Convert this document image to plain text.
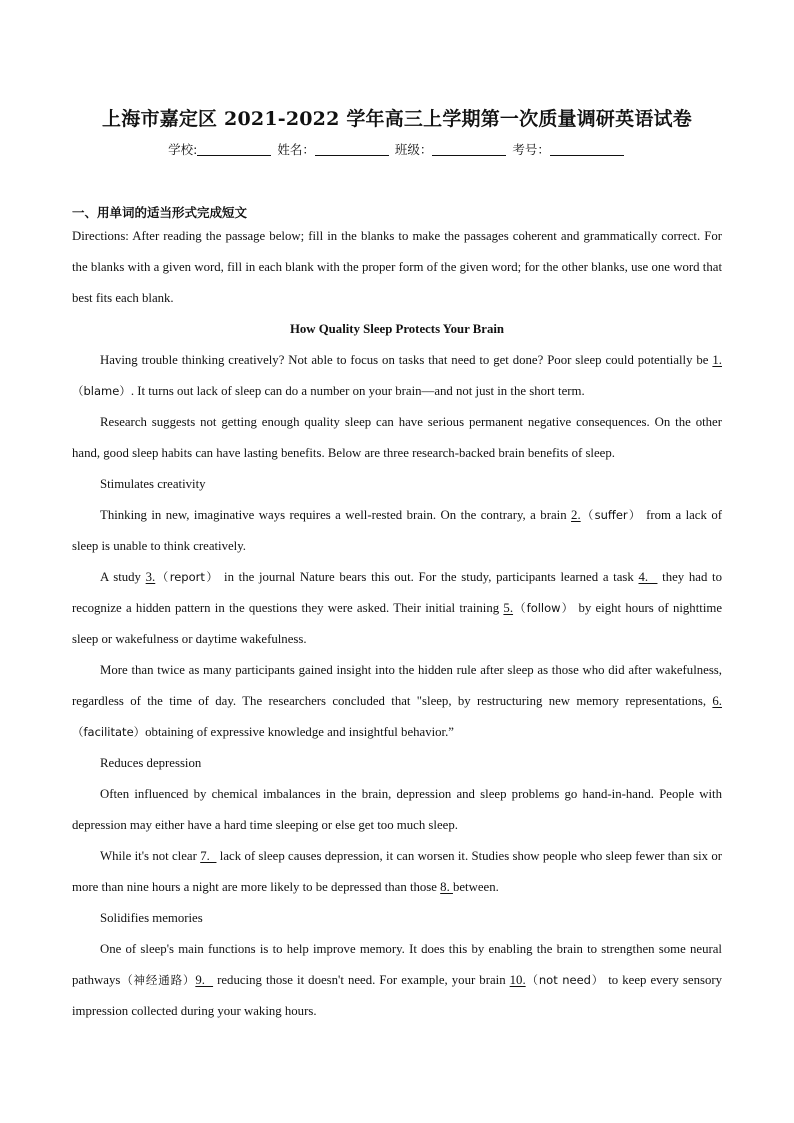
上海市嘉定区 2021-2022 学年高三上学期第一次质量调研英语试卷
学校:	姓名：	班级：	考号：
一、用单词的适当形式完成短文

Directions: After reading the passage below; fill in the blanks to make the passages coherent and grammatically correct. For the blanks with a given word, fill in each blank with the proper form of the given word; for the other blanks, use one word that best fits each blank.

How Quality Sleep Protects Your Brain

Having trouble thinking creatively? Not able to focus on tasks that need to get done? Poor sleep could potentially be 1.（blame）. It turns out lack of sleep can do a number on your brain—and not just in the short term.

Research suggests not getting enough quality sleep can have serious permanent negative consequences. On the other hand, good sleep habits can have lasting benefits. Below are three research-backed brain benefits of sleep.

Stimulates creativity

Thinking in new, imaginative ways requires a well-rested brain. On the contrary, a brain 2.（suffer） from a lack of sleep is unable to think creatively.

A study 3.（report） in the journal Nature bears this out. For the study, participants learned a task 4.   they had to recognize a hidden pattern in the questions they were asked. Their initial training 5.（follow） by eight hours of nighttime sleep or wakefulness or daytime wakefulness.

More than twice as many participants gained insight into the hidden rule after sleep as those who did after wakefulness, regardless of the time of day. The researchers concluded that "sleep, by restructuring new memory representations, 6.（facilitate）obtaining of expressive knowledge and insightful behavior.”

Reduces depression

Often influenced by chemical imbalances in the brain, depression and sleep problems go hand-in-hand. People with depression may either have a hard time sleeping or else get too much sleep.

While it's not clear 7.   lack of sleep causes depression, it can worsen it. Studies show people who sleep fewer than six or more than nine hours a night are more likely to be depressed than those 8. between.

Solidifies memories

One of sleep's main functions is to help improve memory. It does this by enabling the brain to strengthen some neural pathways（神经通路）9.   reducing those it doesn't need. For example, your brain 10.（not need） to keep every sensory impression collected during your waking hours.
